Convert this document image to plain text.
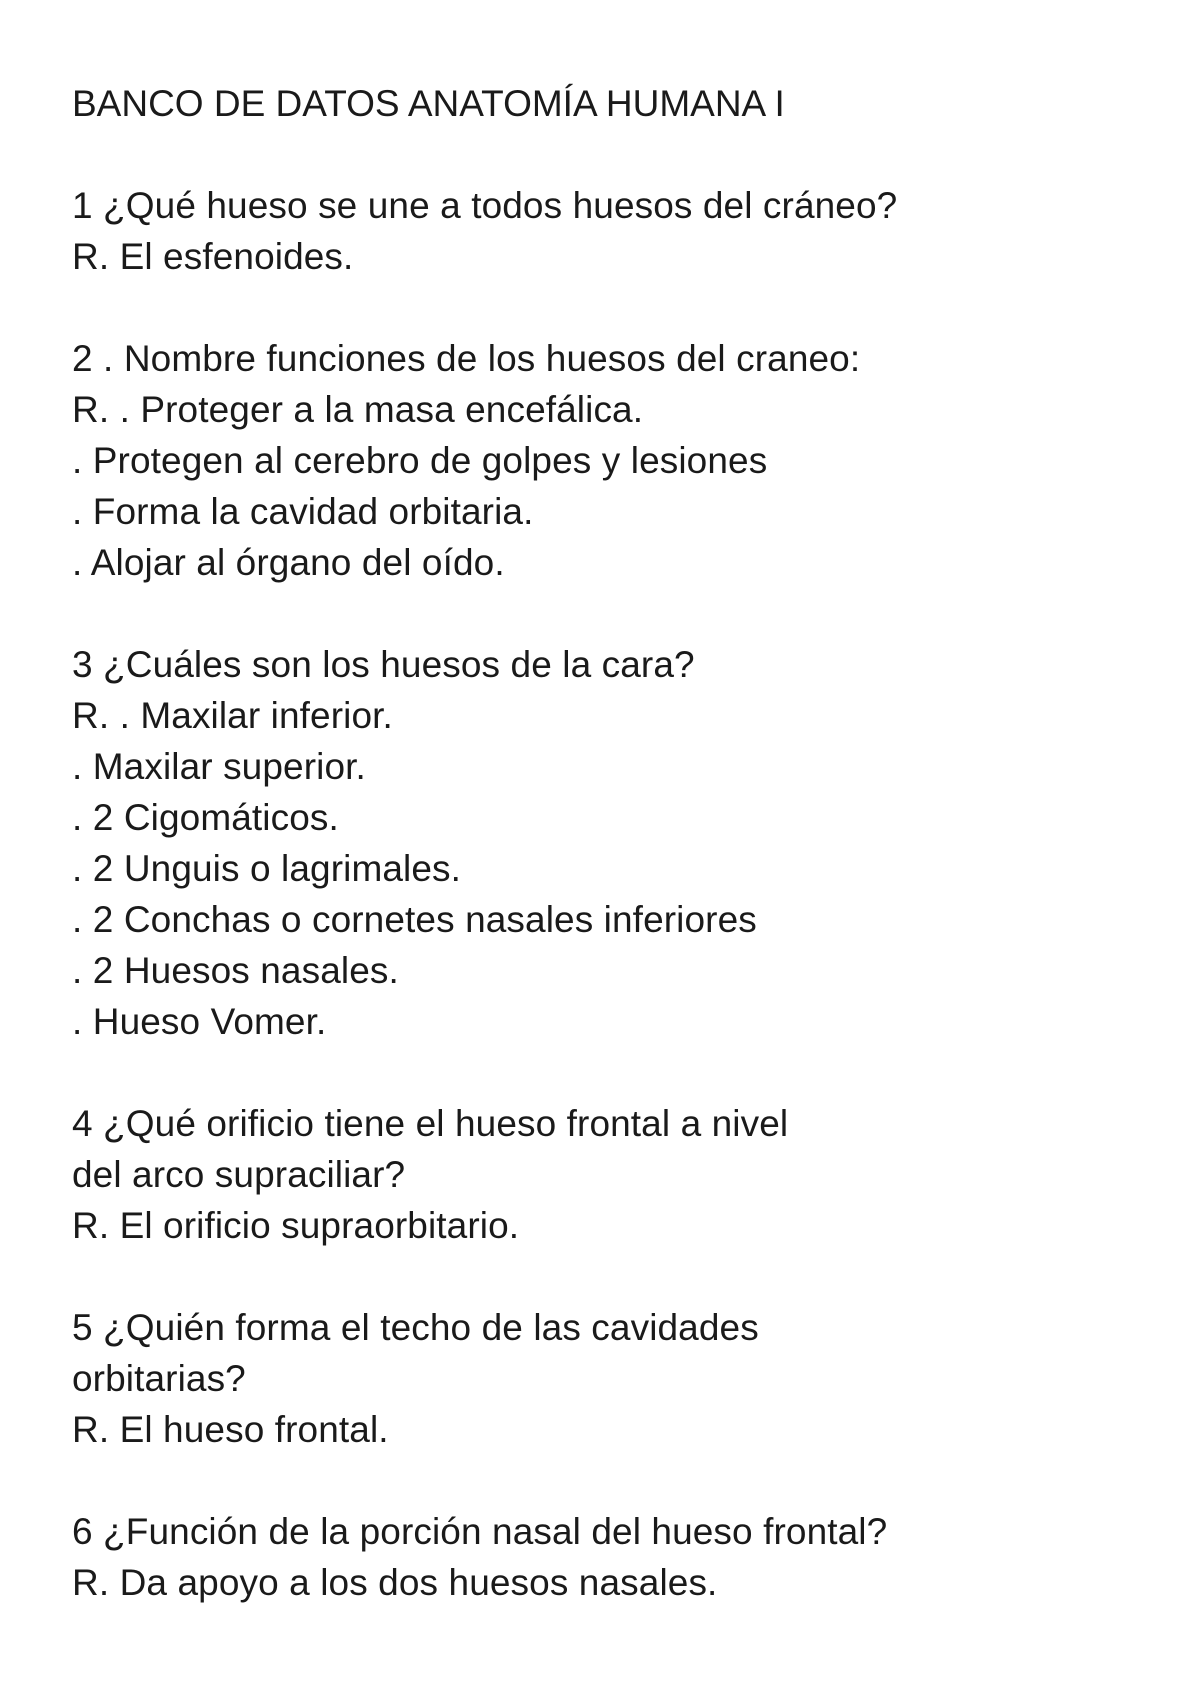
BANCO DE DATOS ANATOMÍA HUMANA I
1 ¿Qué hueso se une a todos huesos del cráneo?
R. El esfenoides.
2 . Nombre funciones de los huesos del craneo:
R. . Proteger a la masa encefálica.
. Protegen al cerebro de golpes y lesiones
. Forma la cavidad orbitaria.
. Alojar al órgano del oído.
3 ¿Cuáles son los huesos de la cara?
R. . Maxilar inferior.
. Maxilar superior.
. 2 Cigomáticos.
. 2 Unguis o lagrimales.
. 2 Conchas o cornetes nasales inferiores
. 2 Huesos nasales.
. Hueso Vomer.
4 ¿Qué orificio tiene el hueso frontal a nivel
del arco supraciliar?
R. El orificio supraorbitario.
5 ¿Quién forma el techo de las cavidades
orbitarias?
R. El hueso frontal.
6 ¿Función de la porción nasal del hueso frontal?
R. Da apoyo a los dos huesos nasales.
